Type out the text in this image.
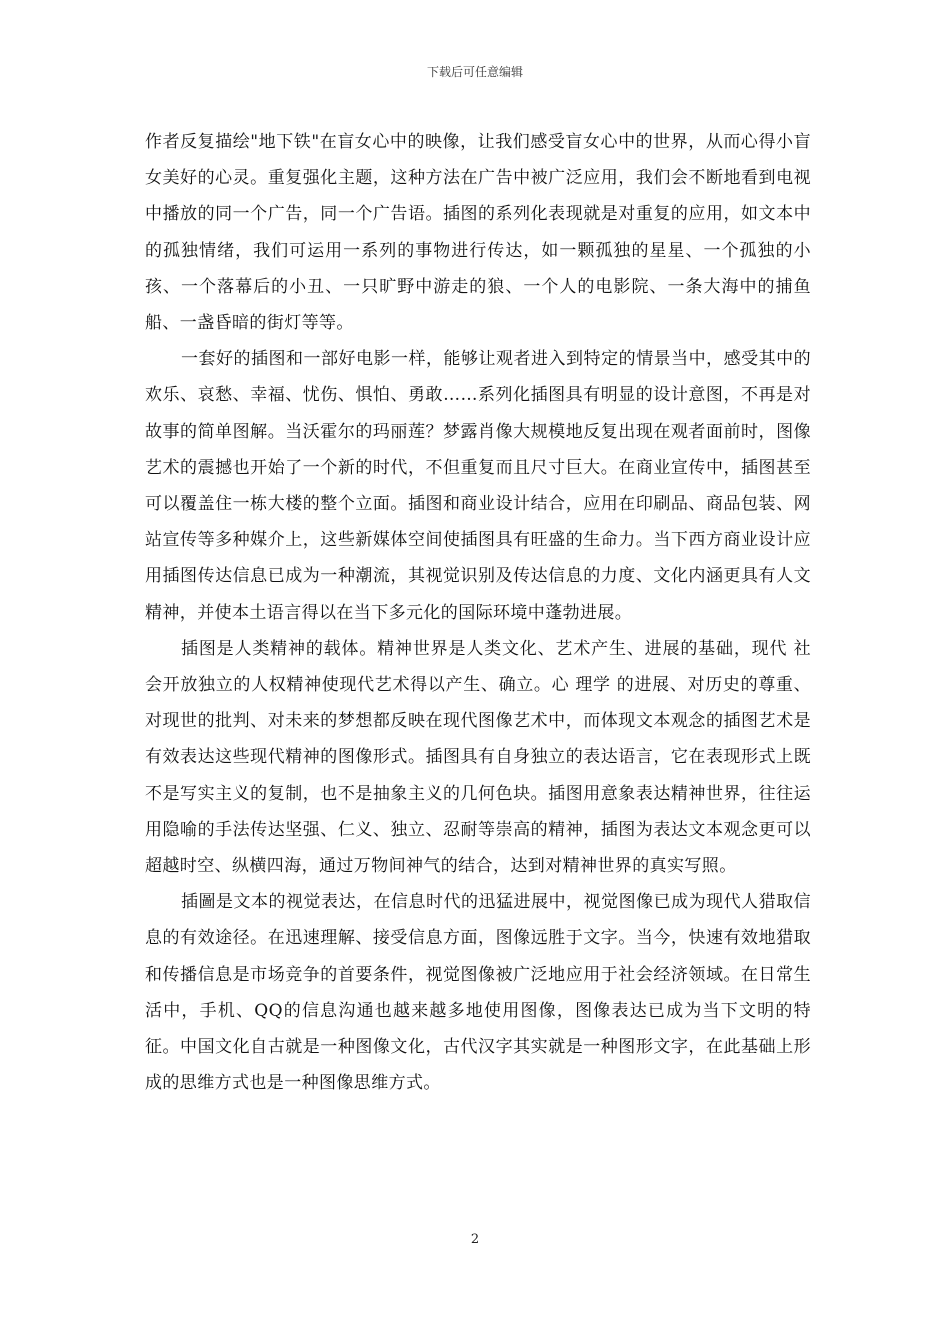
下载后可任意编辑

作者反复描绘"地下铁"在盲女心中的映像，让我们感受盲女心中的世界，从而心得小盲女美好的心灵。重复强化主题，这种方法在广告中被广泛应用，我们会不断地看到电视中播放的同一个广告，同一个广告语。插图的系列化表现就是对重复的应用，如文本中的孤独情绪，我们可运用一系列的事物进行传达，如一颗孤独的星星、一个孤独的小孩、一个落幕后的小丑、一只旷野中游走的狼、一个人的电影院、一条大海中的捕鱼船、一盏昏暗的街灯等等。

一套好的插图和一部好电影一样，能够让观者进入到特定的情景当中，感受其中的欢乐、哀愁、幸福、忧伤、惧怕、勇敢……系列化插图具有明显的设计意图，不再是对故事的简单图解。当沃霍尔的玛丽莲？梦露肖像大规模地反复出现在观者面前时，图像艺术的震撼也开始了一个新的时代，不但重复而且尺寸巨大。在商业宣传中，插图甚至可以覆盖住一栋大楼的整个立面。插图和商业设计结合，应用在印刷品、商品包装、网站宣传等多种媒介上，这些新媒体空间使插图具有旺盛的生命力。当下西方商业设计应用插图传达信息已成为一种潮流，其视觉识别及传达信息的力度、文化内涵更具有人文精神，并使本土语言得以在当下多元化的国际环境中蓬勃进展。

插图是人类精神的载体。精神世界是人类文化、艺术产生、进展的基础，现代 社会开放独立的人权精神使现代艺术得以产生、确立。心 理学 的进展、对历史的尊重、对现世的批判、对未来的梦想都反映在现代图像艺术中，而体现文本观念的插图艺术是有效表达这些现代精神的图像形式。插图具有自身独立的表达语言，它在表现形式上既不是写实主义的复制，也不是抽象主义的几何色块。插图用意象表达精神世界，往往运用隐喻的手法传达坚强、仁义、独立、忍耐等崇高的精神，插图为表达文本观念更可以超越时空、纵横四海，通过万物间神气的结合，达到对精神世界的真实写照。

插圖是文本的视觉表达，在信息时代的迅猛进展中，视觉图像已成为现代人猎取信息的有效途径。在迅速理解、接受信息方面，图像远胜于文字。当今，快速有效地猎取和传播信息是市场竞争的首要条件，视觉图像被广泛地应用于社会经济领域。在日常生活中，手机、QQ的信息沟通也越来越多地使用图像，图像表达已成为当下文明的特征。中国文化自古就是一种图像文化，古代汉字其实就是一种图形文字，在此基础上形成的思维方式也是一种图像思维方式。

2
